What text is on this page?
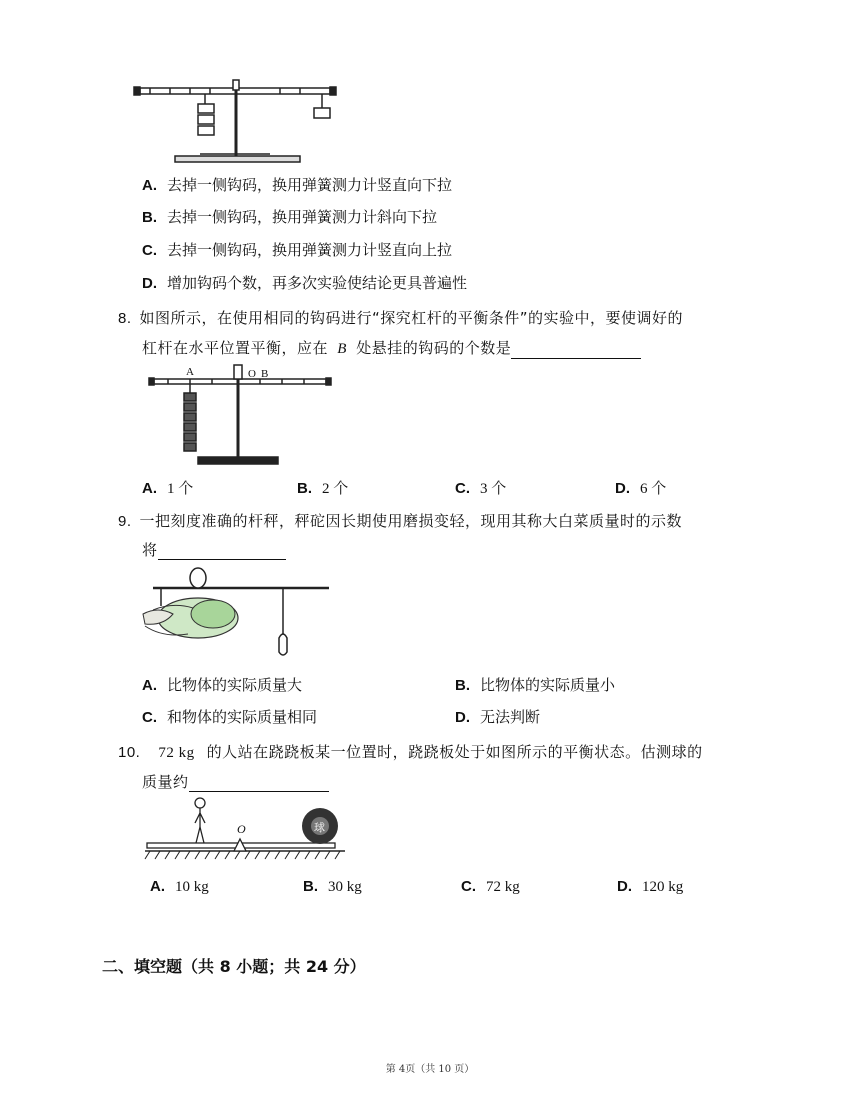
A. 去掉一侧钩码，换用弹簧测力计竖直向下拉
B. 去掉一侧钩码，换用弹簧测力计斜向下拉
C. 去掉一侧钩码，换用弹簧测力计竖直向上拉
D. 增加钩码个数，再多次实验使结论更具普遍性
8. 如图所示，在使用相同的钩码进行“探究杠杆的平衡条件”的实验中，要使调好的
杠杆在水平位置平衡，应在 B 处悬挂的钩码的个数是
A	O B
A. 1 个	B. 2 个	C. 3 个	D. 6 个
9. 一把刻度准确的杆秤，秤砣因长期使用磨损变轻，现用其称大白菜质量时的示数
将
A. 比物体的实际质量大	B. 比物体的实际质量小
C. 和物体的实际质量相同	D. 无法判断
10. 72 kg 的人站在跷跷板某一位置时，跷跷板处于如图所示的平衡状态。估测球的
质量约
球
O
A. 10 kg	B. 30 kg	C. 72 kg	D. 120 kg
二、填空题（共 8 小题；共 24 分）
第 4页（共 10 页）
